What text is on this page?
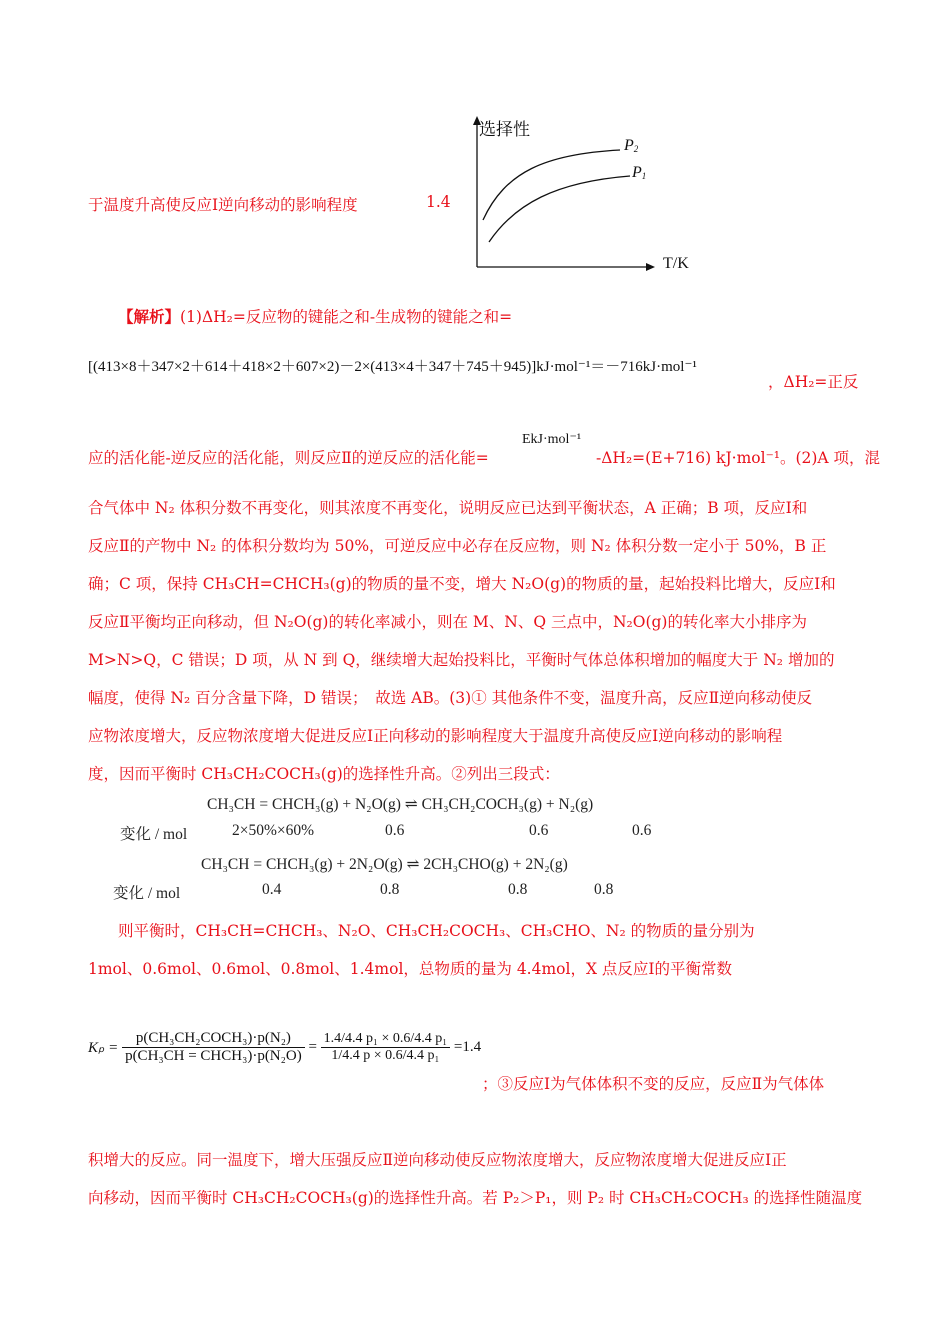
于温度升高使反应Ⅰ逆向移动的影响程度	1.4
选择性
$P_2$
$P_1$
T/K
【解析】(1)ΔH₂=反应物的键能之和-生成物的键能之和=
[(413×8＋347×2＋614＋418×2＋607×2)－2×(413×4＋347＋745＋945)]kJ·mol⁻¹＝－716kJ·mol⁻¹
，ΔH₂=正反
EkJ·mol⁻¹
应的活化能-逆反应的活化能，则反应Ⅱ的逆反应的活化能=	-ΔH₂=(E+716) kJ·mol⁻¹。(2)A 项，混
合气体中 N₂ 体积分数不再变化，则其浓度不再变化，说明反应已达到平衡状态，A 正确；B 项，反应Ⅰ和
反应Ⅱ的产物中 N₂ 的体积分数均为 50%，可逆反应中必存在反应物，则 N₂ 体积分数一定小于 50%，B 正
确；C 项，保持 CH₃CH=CHCH₃(g)的物质的量不变，增大 N₂O(g)的物质的量，起始投料比增大，反应Ⅰ和
反应Ⅱ平衡均正向移动，但 N₂O(g)的转化率减小，则在 M、N、Q 三点中，N₂O(g)的转化率大小排序为
M>N>Q，C 错误；D 项，从 N 到 Q，继续增大起始投料比，平衡时气体总体积增加的幅度大于 N₂ 增加的
幅度，使得 N₂ 百分含量下降，D 错误；　故选 AB。(3)① 其他条件不变，温度升高，反应Ⅱ逆向移动使反
应物浓度增大，反应物浓度增大促进反应Ⅰ正向移动的影响程度大于温度升高使反应Ⅰ逆向移动的影响程
度，因而平衡时 CH₃CH₂COCH₃(g)的选择性升高。②列出三段式：
CH₃CH = CHCH₃(g) + N₂O(g) ⇌ CH₃CH₂COCH₃(g) + N₂(g)
变化 / mol	2×50%×60%	0.6	0.6	0.6
CH₃CH = CHCH₃(g) + 2N₂O(g) ⇌ 2CH₃CHO(g) + 2N₂(g)
变化 / mol	0.4	0.8	0.8	0.8
则平衡时，CH₃CH=CHCH₃、N₂O、CH₃CH₂COCH₃、CH₃CHO、N₂ 的物质的量分别为
1mol、0.6mol、0.6mol、0.8mol、1.4mol，总物质的量为 4.4mol，X 点反应Ⅰ的平衡常数
$K_p = \frac{\text{p(CH₃CH₂COCH₃)·p(N₂)}}{\text{p(CH₃CH = CHCH₃)·p(N₂O)}} = \frac{\text{1.4/4.4 p₁ × 0.6/4.4 p₁}}{\text{1/4.4 p × 0.6/4.4 p₁}} =1.4$
；③反应Ⅰ为气体体积不变的反应，反应Ⅱ为气体体
积增大的反应。同一温度下，增大压强反应Ⅱ逆向移动使反应物浓度增大，反应物浓度增大促进反应Ⅰ正
向移动，因而平衡时 CH₃CH₂COCH₃(g)的选择性升高。若 P₂＞P₁，则 P₂ 时 CH₃CH₂COCH₃ 的选择性随温度
